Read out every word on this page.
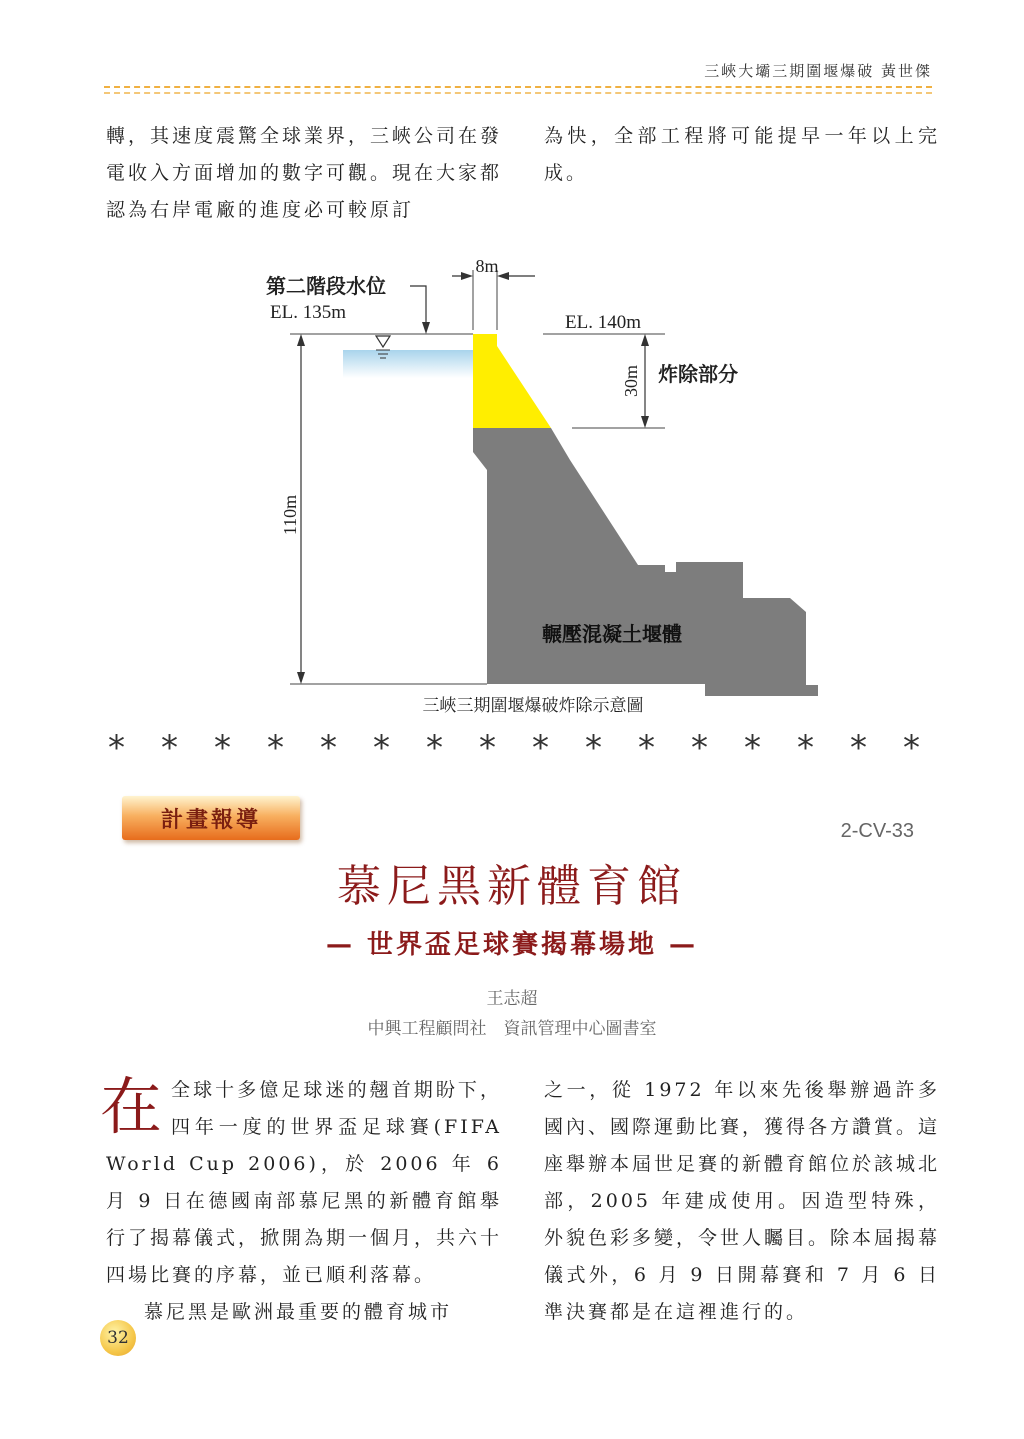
三峽大壩三期圍堰爆破 黃世傑

轉，其速度震驚全球業界，三峽公司在發電收入方面增加的數字可觀。現在大家都認為右岸電廠的進度必可較原訂

為快，全部工程將可能提早一年以上完成。

110m
8m
第二階段水位
EL. 135m	EL. 140m
30m 炸除部分
輾壓混凝土堰體
三峽三期圍堰爆破炸除示意圖
* * * * * * * * * * * * * * * *
計畫報導	2-CV-33
慕尼黑新體育館
— 世界盃足球賽揭幕場地 —
王志超
中興工程顧問社　資訊管理中心圖書室
在 全球十多億足球迷的翹首期盼下，四年一度的世界盃足球賽(FIFA World Cup 2006)，於 2006 年 6 月 9 日在德國南部慕尼黑的新體育館舉行了揭幕儀式，掀開為期一個月，共六十四場比賽的序幕，並已順利落幕。

慕尼黑是歐洲最重要的體育城市

之一，從 1972 年以來先後舉辦過許多國內、國際運動比賽，獲得各方讚賞。這座舉辦本屆世足賽的新體育館位於該城北部，2005 年建成使用。因造型特殊，外貌色彩多變，令世人矚目。除本屆揭幕儀式外，6 月 9 日開幕賽和 7 月 6 日準決賽都是在這裡進行的。

32
